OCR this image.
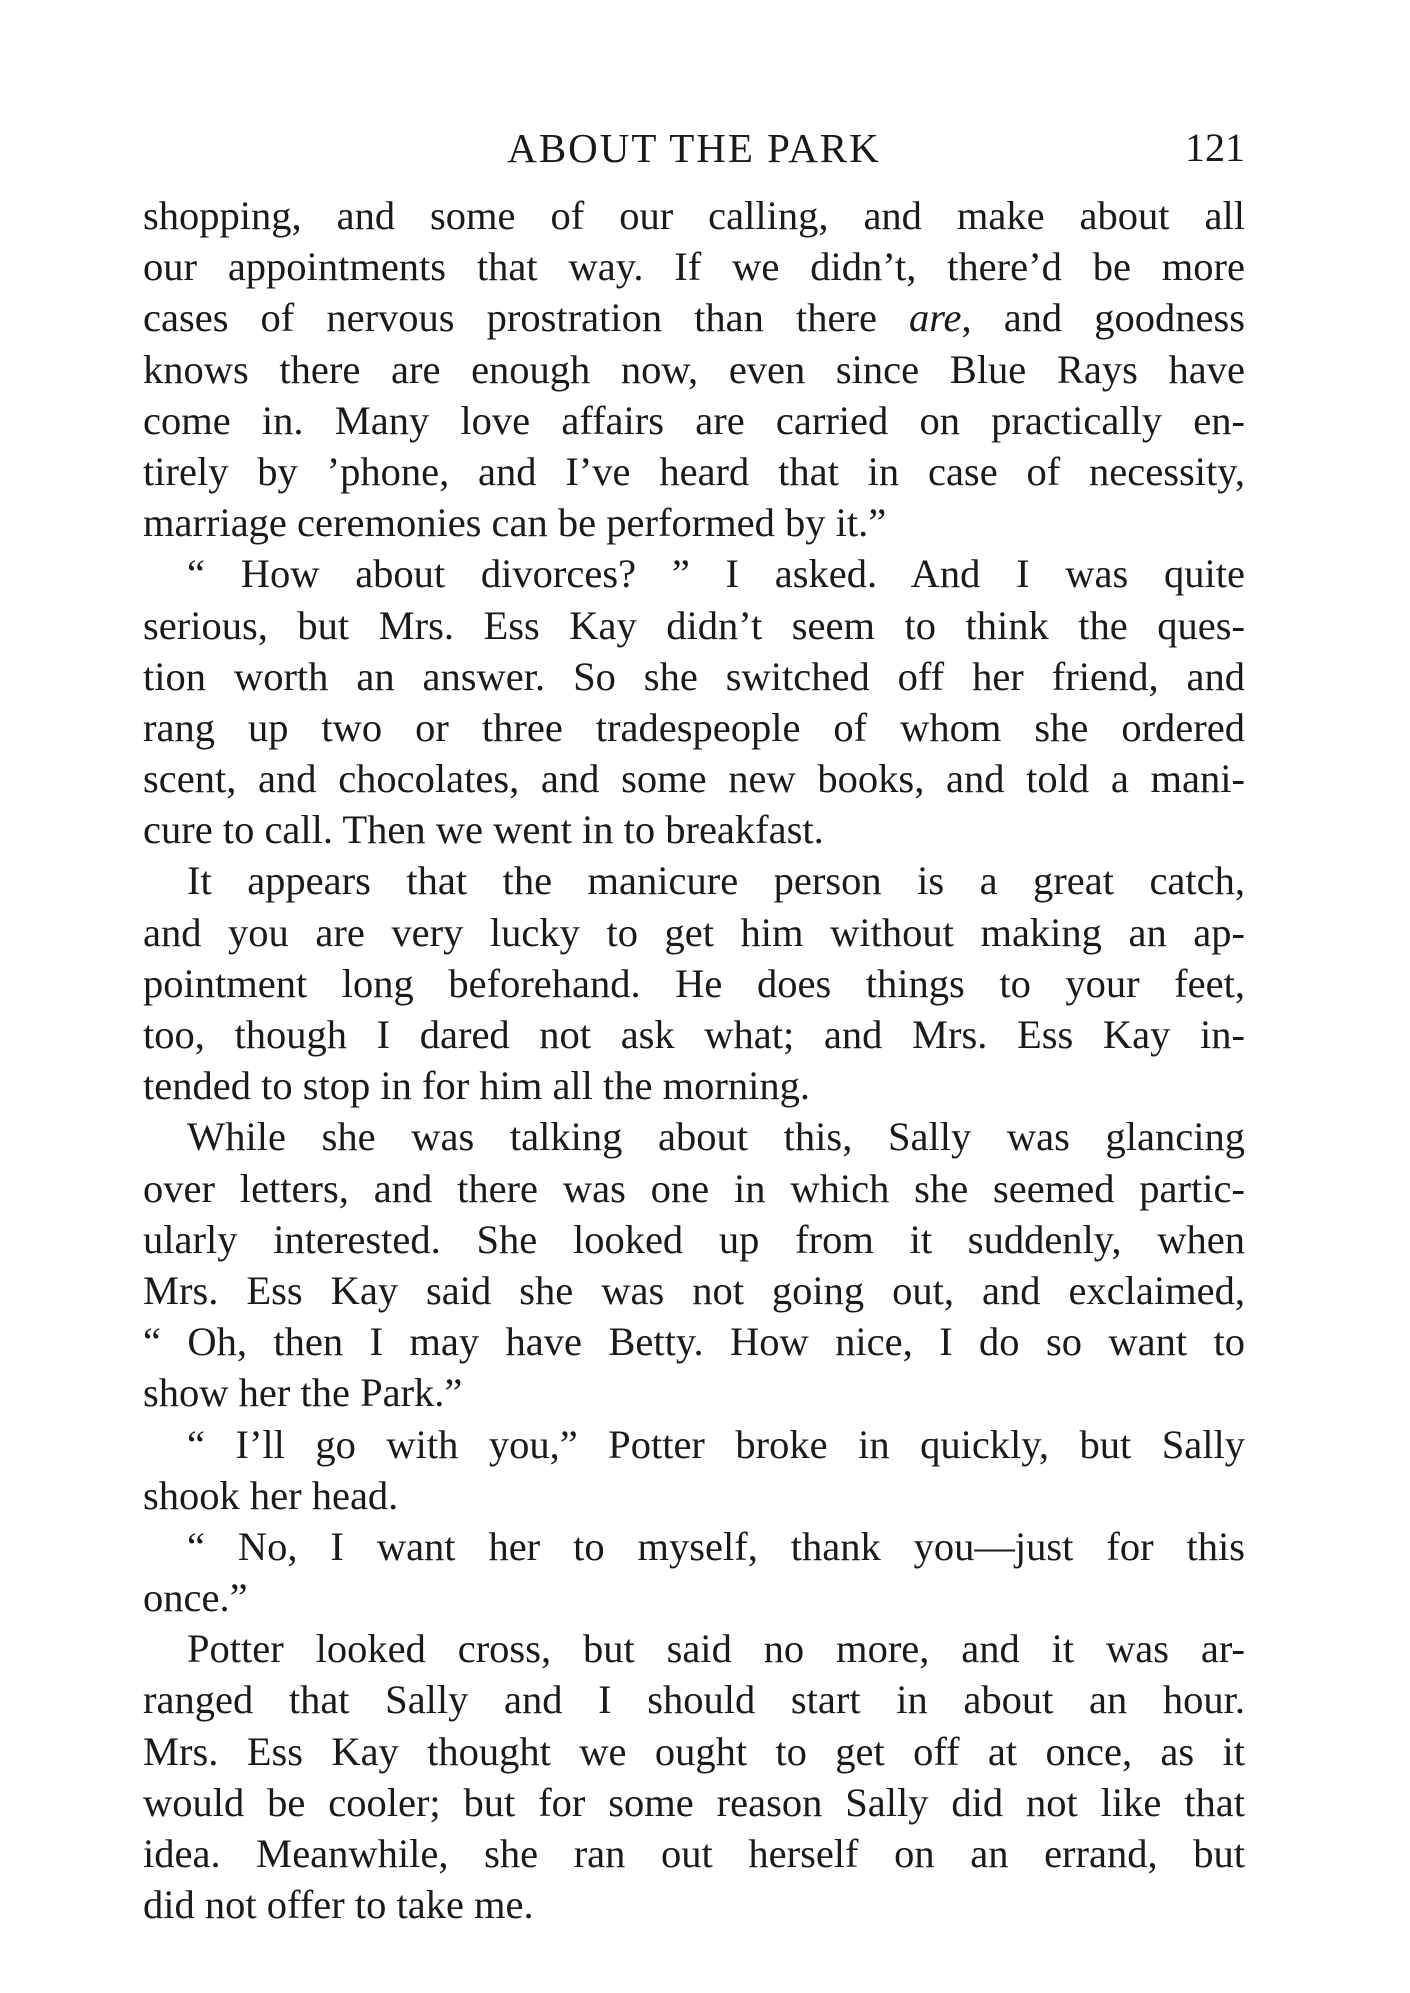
ABOUT THE PARK	121
shopping, and some of our calling, and make about all
our appointments that way. If we didn’t, there’d be more
cases of nervous prostration than there are, and goodness
knows there are enough now, even since Blue Rays have
come in. Many love affairs are carried on practically en-
tirely by ’phone, and I’ve heard that in case of necessity,
marriage ceremonies can be performed by it.”
“ How about divorces? ” I asked. And I was quite
serious, but Mrs. Ess Kay didn’t seem to think the ques-
tion worth an answer. So she switched off her friend, and
rang up two or three tradespeople of whom she ordered
scent, and chocolates, and some new books, and told a mani-
cure to call. Then we went in to breakfast.
It appears that the manicure person is a great catch,
and you are very lucky to get him without making an ap-
pointment long beforehand. He does things to your feet,
too, though I dared not ask what; and Mrs. Ess Kay in-
tended to stop in for him all the morning.
While she was talking about this, Sally was glancing
over letters, and there was one in which she seemed partic-
ularly interested. She looked up from it suddenly, when
Mrs. Ess Kay said she was not going out, and exclaimed,
“ Oh, then I may have Betty. How nice, I do so want to
show her the Park.”
“ I’ll go with you,” Potter broke in quickly, but Sally
shook her head.
“ No, I want her to myself, thank you—just for this
once.”
Potter looked cross, but said no more, and it was ar-
ranged that Sally and I should start in about an hour.
Mrs. Ess Kay thought we ought to get off at once, as it
would be cooler; but for some reason Sally did not like that
idea. Meanwhile, she ran out herself on an errand, but
did not offer to take me.
